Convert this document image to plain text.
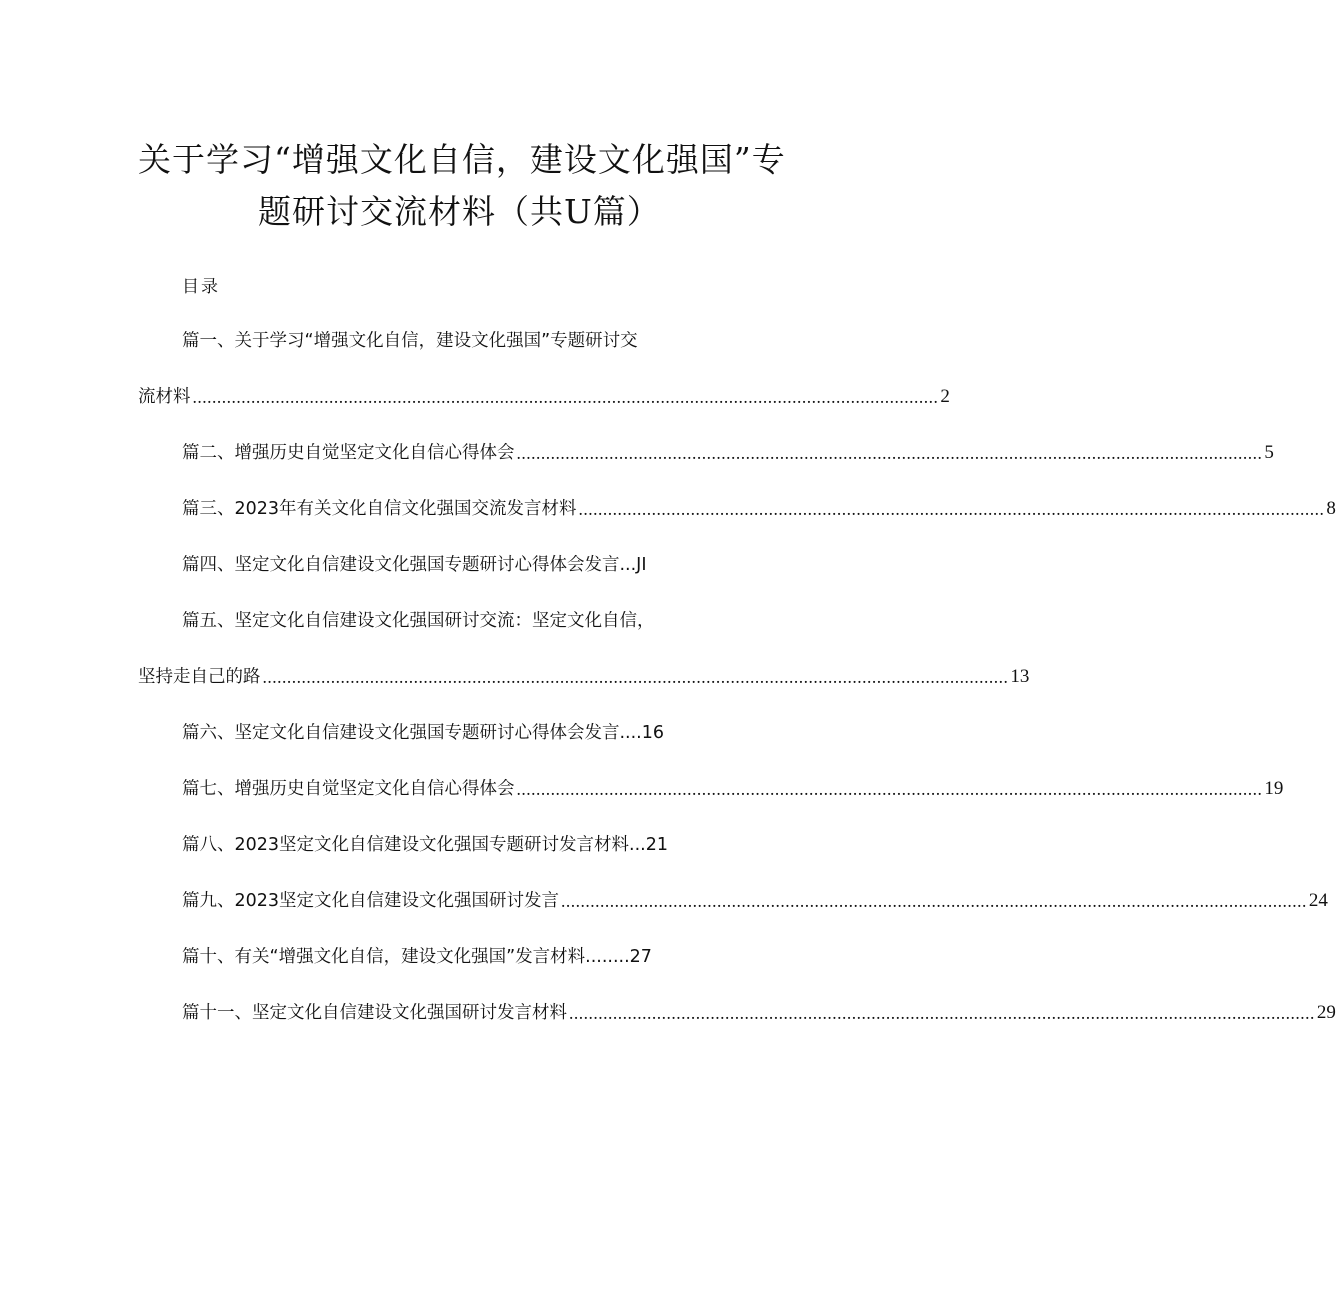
关于学习“增强文化自信，建设文化强国”专
题研讨交流材料（共U篇）
目录
篇一、关于学习“增强文化自信，建设文化强国”专题研讨交
流材料 ......................................................................................................................................................... 2
篇二、增强历史自觉坚定文化自信心得体会 ......................................................................................................................................................... 5
篇三、2023年有关文化自信文化强国交流发言材料 ......................................................................................................................................................... 8
篇四、坚定文化自信建设文化强国专题研讨心得体会发言...JI
篇五、坚定文化自信建设文化强国研讨交流：坚定文化自信，
坚持走自己的路 ......................................................................................................................................................... 13
篇六、坚定文化自信建设文化强国专题研讨心得体会发言....16
篇七、增强历史自觉坚定文化自信心得体会 ......................................................................................................................................................... 19
篇八、2023坚定文化自信建设文化强国专题研讨发言材料...21
篇九、2023坚定文化自信建设文化强国研讨发言 ......................................................................................................................................................... 24
篇十、有关“增强文化自信，建设文化强国”发言材料........27
篇十一、坚定文化自信建设文化强国研讨发言材料 ......................................................................................................................................................... 29
